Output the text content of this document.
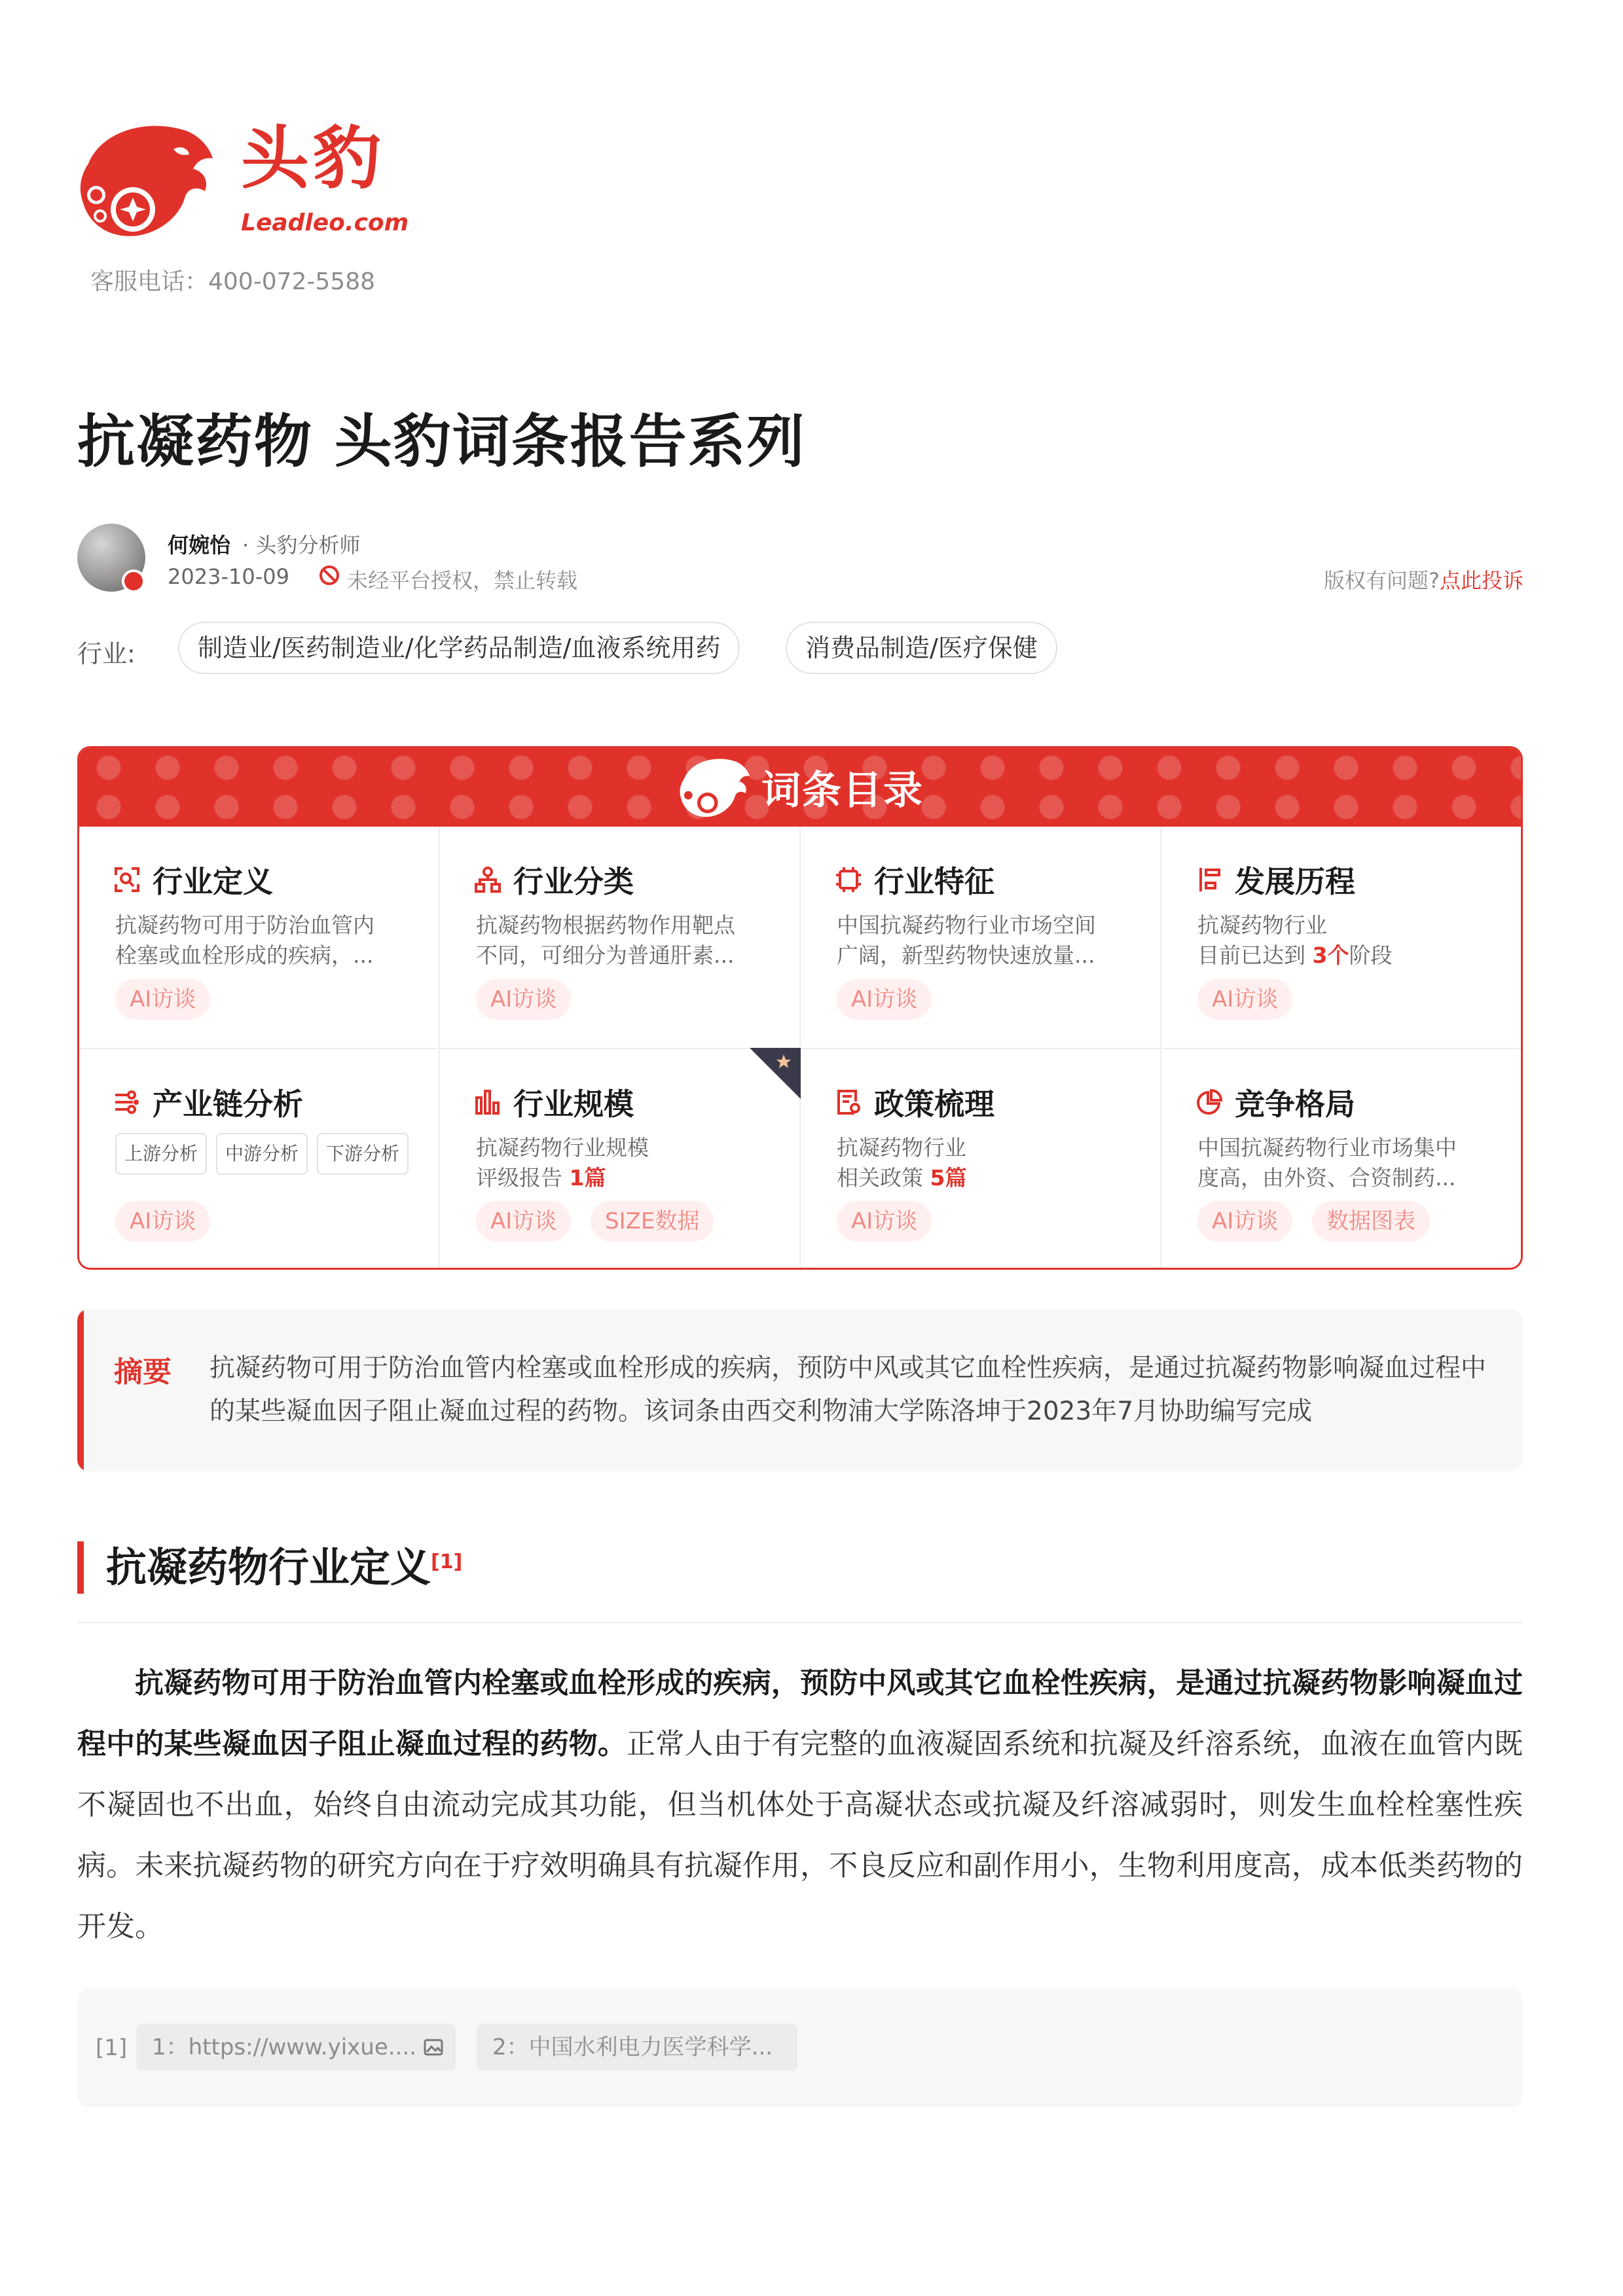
头豹
Leadleo.com
客服电话：400-072-5588
抗凝药物 头豹词条报告系列
何婉怡 · 头豹分析师
2023-10-09	未经平台授权，禁止转载	版权有问题?点此投诉
行业:	制造业/医药制造业/化学药品制造/血液系统用药	消费品制造/医疗保健
词条目录
行业定义
抗凝药物可用于防治血管内
栓塞或血栓形成的疾病，...
AI访谈
行业分类
抗凝药物根据药物作用靶点
不同，可细分为普通肝素...
AI访谈
行业特征
中国抗凝药物行业市场空间
广阔，新型药物快速放量...
AI访谈
发展历程
抗凝药物行业
目前已达到 3个阶段
AI访谈
产业链分析
上游分析	中游分析	下游分析
AI访谈
行业规模
抗凝药物行业规模
评级报告 1篇
AI访谈	SIZE数据
政策梳理
抗凝药物行业
相关政策 5篇
AI访谈
竞争格局
中国抗凝药物行业市场集中
度高，由外资、合资制药...
AI访谈	数据图表
摘要 抗凝药物可用于防治血管内栓塞或血栓形成的疾病，预防中风或其它血栓性疾病，是通过抗凝药物影响凝血过程中的某些凝血因子阻止凝血过程的药物。该词条由西交利物浦大学陈洛坤于2023年7月协助编写完成
抗凝药物行业定义[1]

抗凝药物可用于防治血管内栓塞或血栓形成的疾病，预防中风或其它血栓性疾病，是通过抗凝药物影响凝血过程中的某些凝血因子阻止凝血过程的药物。正常人由于有完整的血液凝固系统和抗凝及纤溶系统，血液在血管内既不凝固也不出血，始终自由流动完成其功能，但当机体处于高凝状态或抗凝及纤溶减弱时，则发生血栓栓塞性疾病。未来抗凝药物的研究方向在于疗效明确具有抗凝作用，不良反应和副作用小，生物利用度高，成本低类药物的开发。

[1]	1：https://www.yixue....	2：中国水利电力医学科学...
